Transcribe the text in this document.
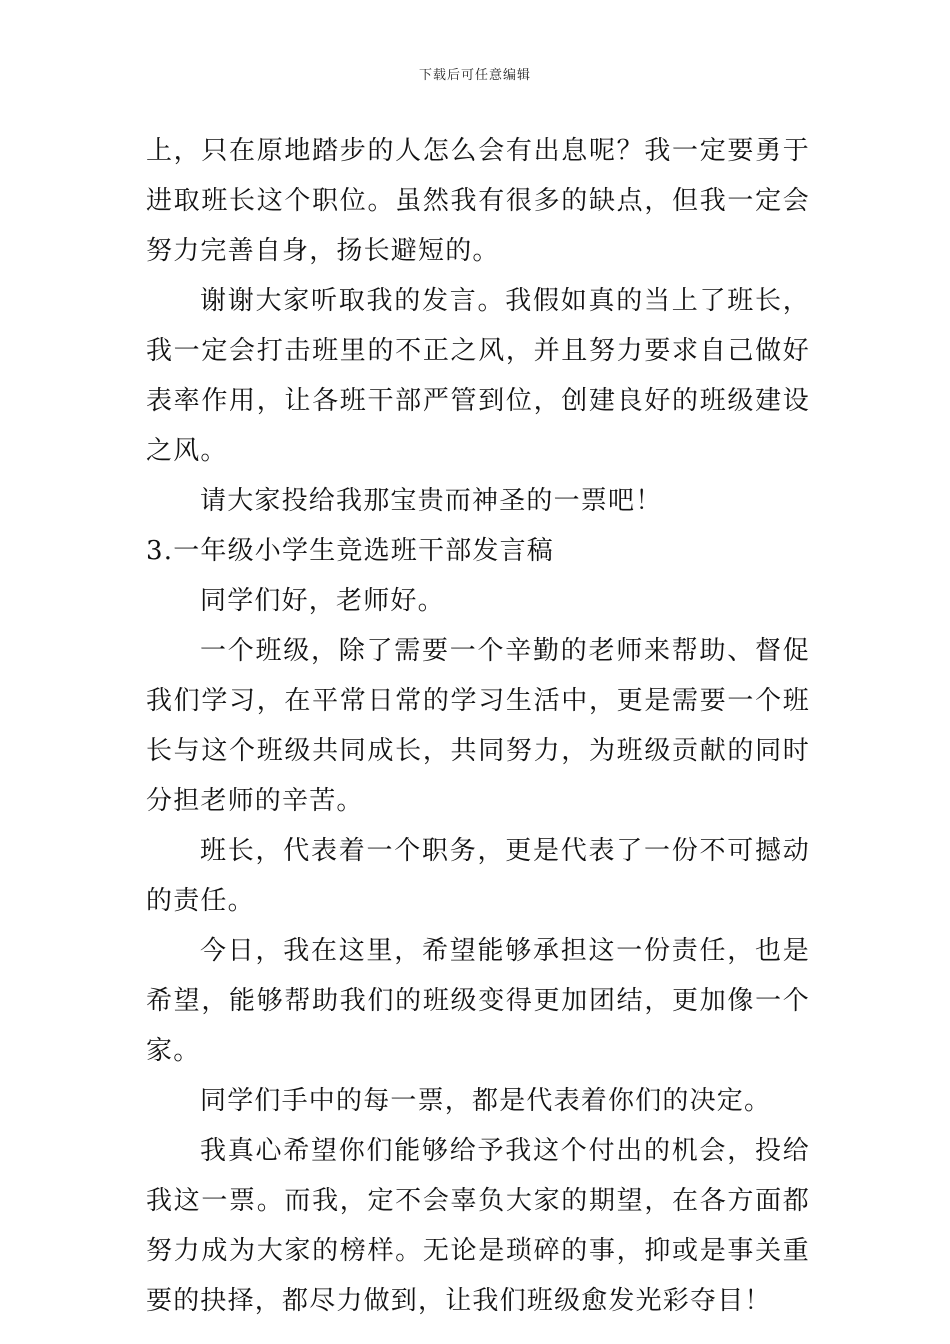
下载后可任意编辑

上，只在原地踏步的人怎么会有出息呢？我一定要勇于进取班长这个职位。虽然我有很多的缺点，但我一定会努力完善自身，扬长避短的。

谢谢大家听取我的发言。我假如真的当上了班长，我一定会打击班里的不正之风，并且努力要求自己做好表率作用，让各班干部严管到位，创建良好的班级建设之风。

请大家投给我那宝贵而神圣的一票吧！

3.一年级小学生竞选班干部发言稿

同学们好，老师好。

一个班级，除了需要一个辛勤的老师来帮助、督促我们学习，在平常日常的学习生活中，更是需要一个班长与这个班级共同成长，共同努力，为班级贡献的同时分担老师的辛苦。

班长，代表着一个职务，更是代表了一份不可撼动的责任。

今日，我在这里，希望能够承担这一份责任，也是希望，能够帮助我们的班级变得更加团结，更加像一个家。

同学们手中的每一票，都是代表着你们的决定。

我真心希望你们能够给予我这个付出的机会，投给我这一票。而我，定不会辜负大家的期望，在各方面都努力成为大家的榜样。无论是琐碎的事，抑或是事关重要的抉择，都尽力做到，让我们班级愈发光彩夺目！
